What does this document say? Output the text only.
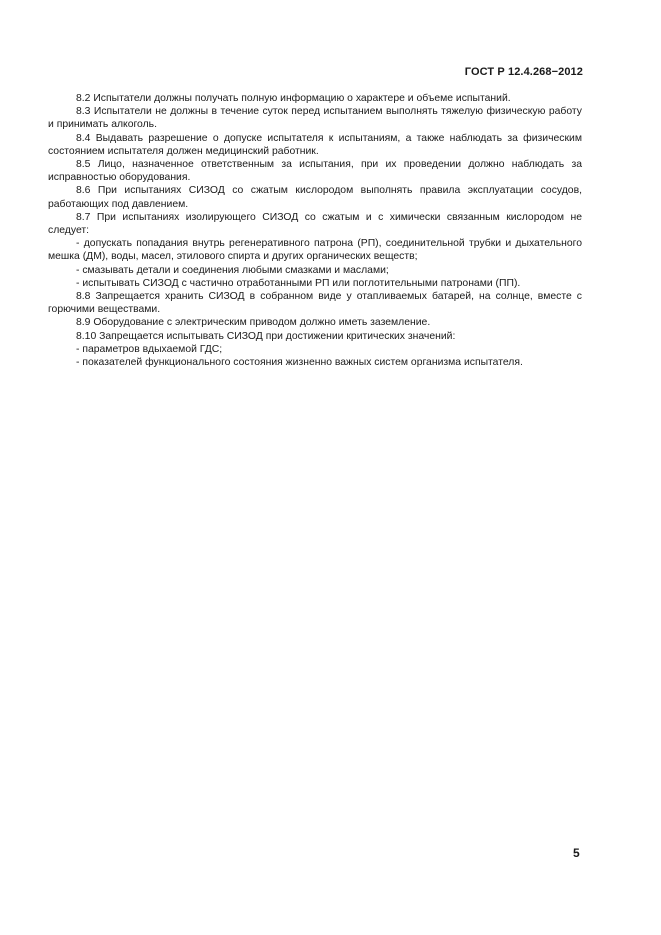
ГОСТ Р 12.4.268−2012

8.2 Испытатели должны получать полную информацию о характере и объеме испытаний.

8.3 Испытатели не должны в течение суток перед испытанием выполнять тяжелую физическую работу и принимать алкоголь.

8.4 Выдавать разрешение о допуске испытателя к испытаниям, а также наблюдать за физическим состоянием испытателя должен медицинский работник.

8.5 Лицо, назначенное ответственным за испытания, при их проведении должно наблюдать за исправностью оборудования.

8.6 При испытаниях СИЗОД со сжатым кислородом выполнять правила эксплуатации сосудов, работающих под давлением.

8.7 При испытаниях изолирующего СИЗОД со сжатым и с химически связанным кислородом не следует:

- допускать попадания внутрь регенеративного патрона (РП), соединительной трубки и дыхательного мешка (ДМ), воды, масел, этилового спирта и других органических веществ;

- смазывать детали и соединения любыми смазками и маслами;

- испытывать СИЗОД с частично отработанными РП или поглотительными патронами (ПП).

8.8 Запрещается хранить СИЗОД в собранном виде у отапливаемых батарей, на солнце, вместе с горючими веществами.

8.9 Оборудование с электрическим приводом должно иметь заземление.

8.10 Запрещается испытывать СИЗОД при достижении критических значений:

- параметров вдыхаемой ГДС;

- показателей функционального состояния жизненно важных систем организма испытателя.

5
